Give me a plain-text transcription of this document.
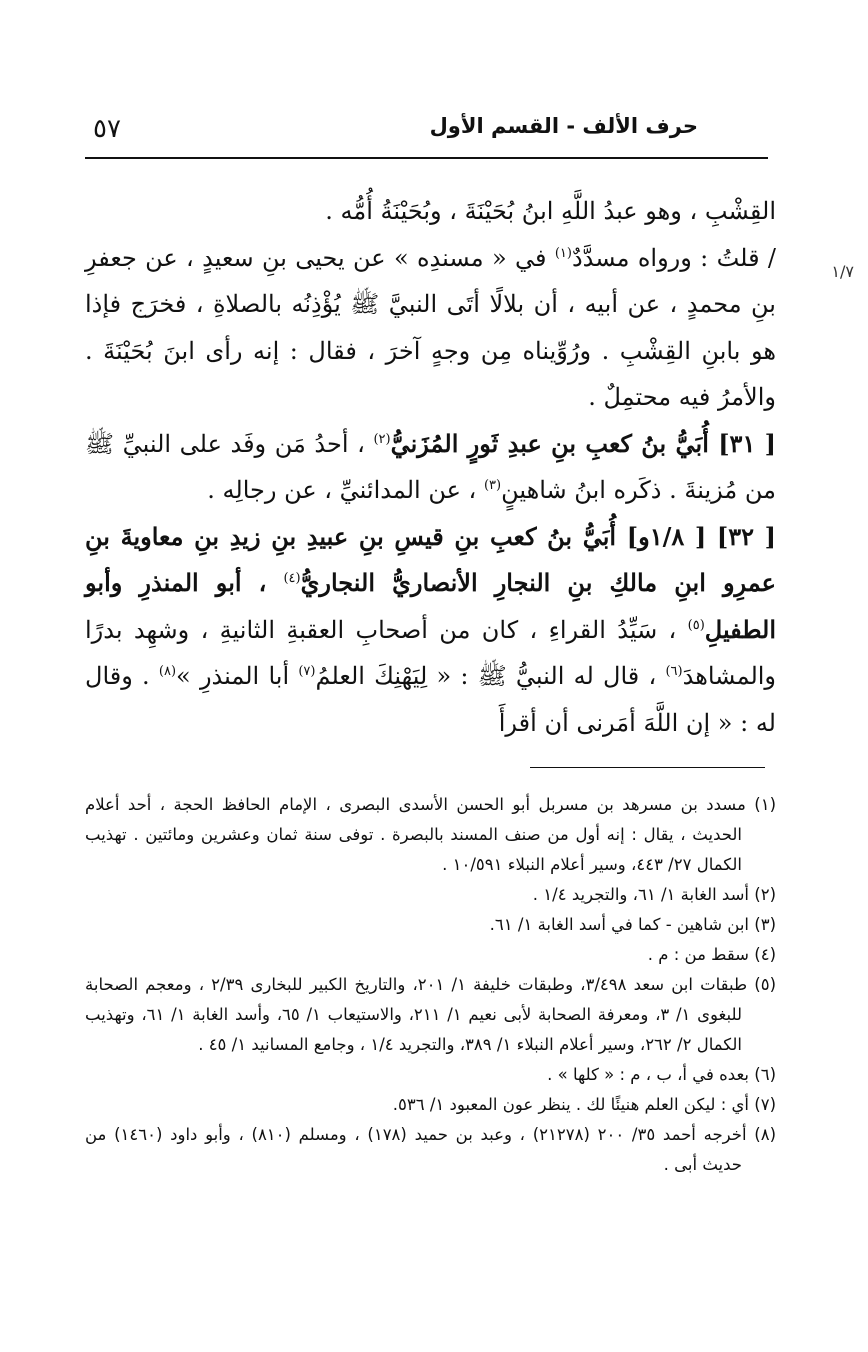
٥٧	حرف الألف - القسم الأول
١/٧

القِشْبِ ، وهو عبدُ اللَّهِ ابنُ بُحَيْنَةَ ، وبُحَيْنَةُ أُمُّه .

/ قلتُ : ورواه مسدَّدٌ$^{(١)}$ في « مسندِه » عن يحيى بنِ سعيدٍ ، عن جعفرِ بنِ محمدٍ ، عن أبيه ، أن بلالًا أتَى النبيَّ ﷺ يُؤْذِنُه بالصلاةِ ، فخرَج فإذا هو بابنِ القِشْبِ . ورُوِّيناه مِن وجهٍ آخرَ ، فقال : إنه رأى ابنَ بُحَيْنَةَ . والأمرُ فيه محتمِلٌ .

[ ٣١] أُبَيُّ بنُ كعبِ بنِ عبدِ ثَورٍ المُزَنيُّ$^{(٢)}$ ، أحدُ مَن وفَد على النبيِّ ﷺ من مُزينةَ . ذكَره ابنُ شاهينٍ$^{(٣)}$ ، عن المدائنيِّ ، عن رجالِه .

[ ٣٢] [ ١/٨و] أُبَيُّ بنُ كعبِ بنِ قيسِ بنِ عبيدِ بنِ زيدِ بنِ معاويةَ بنِ عمرِو ابنِ مالكِ بنِ النجارِ الأنصاريُّ النجاريُّ$^{(٤)}$ ، أبو المنذرِ وأبو الطفيلِ$^{(٥)}$ ، سَيِّدُ القراءِ ، كان من أصحابِ العقبةِ الثانيةِ ، وشهِد بدرًا والمشاهدَ$^{(٦)}$ ، قال له النبيُّ ﷺ : « لِيَهْنِكَ العلمُ$^{(٧)}$ أبا المنذرِ »$^{(٨)}$ . وقال له : « إن اللَّهَ أمَرنى أن أقرأَ

(١) مسدد بن مسرهد بن مسربل أبو الحسن الأسدى البصرى ، الإمام الحافظ الحجة ، أحد أعلام الحديث ، يقال : إنه أول من صنف المسند بالبصرة . توفى سنة ثمان وعشرين ومائتين . تهذيب الكمال ٢٧/ ٤٤٣، وسير أعلام النبلاء ١٠/٥٩١ .

(٢) أسد الغابة ١/ ٦١، والتجريد ١/٤ .

(٣) ابن شاهين - كما في أسد الغابة ١/ ٦١.

(٤) سقط من : م .

(٥) طبقات ابن سعد ٣/٤٩٨، وطبقات خليفة ١/ ٢٠١، والتاريخ الكبير للبخارى ٢/٣٩ ، ومعجم الصحابة للبغوى ١/ ٣، ومعرفة الصحابة لأبى نعيم ١/ ٢١١، والاستيعاب ١/ ٦٥، وأسد الغابة ١/ ٦١، وتهذيب الكمال ٢/ ٢٦٢، وسير أعلام النبلاء ١/ ٣٨٩، والتجريد ١/٤ ، وجامع المسانيد ١/ ٤٥ .

(٦) بعده في أ، ب ، م : « كلها » .

(٧) أي : ليكن العلم هنيئًا لك . ينظر عون المعبود ١/ ٥٣٦.

(٨) أخرجه أحمد ٣٥/ ٢٠٠ (٢١٢٧٨) ، وعبد بن حميد (١٧٨) ، ومسلم (٨١٠) ، وأبو داود (١٤٦٠) من حديث أبى .
